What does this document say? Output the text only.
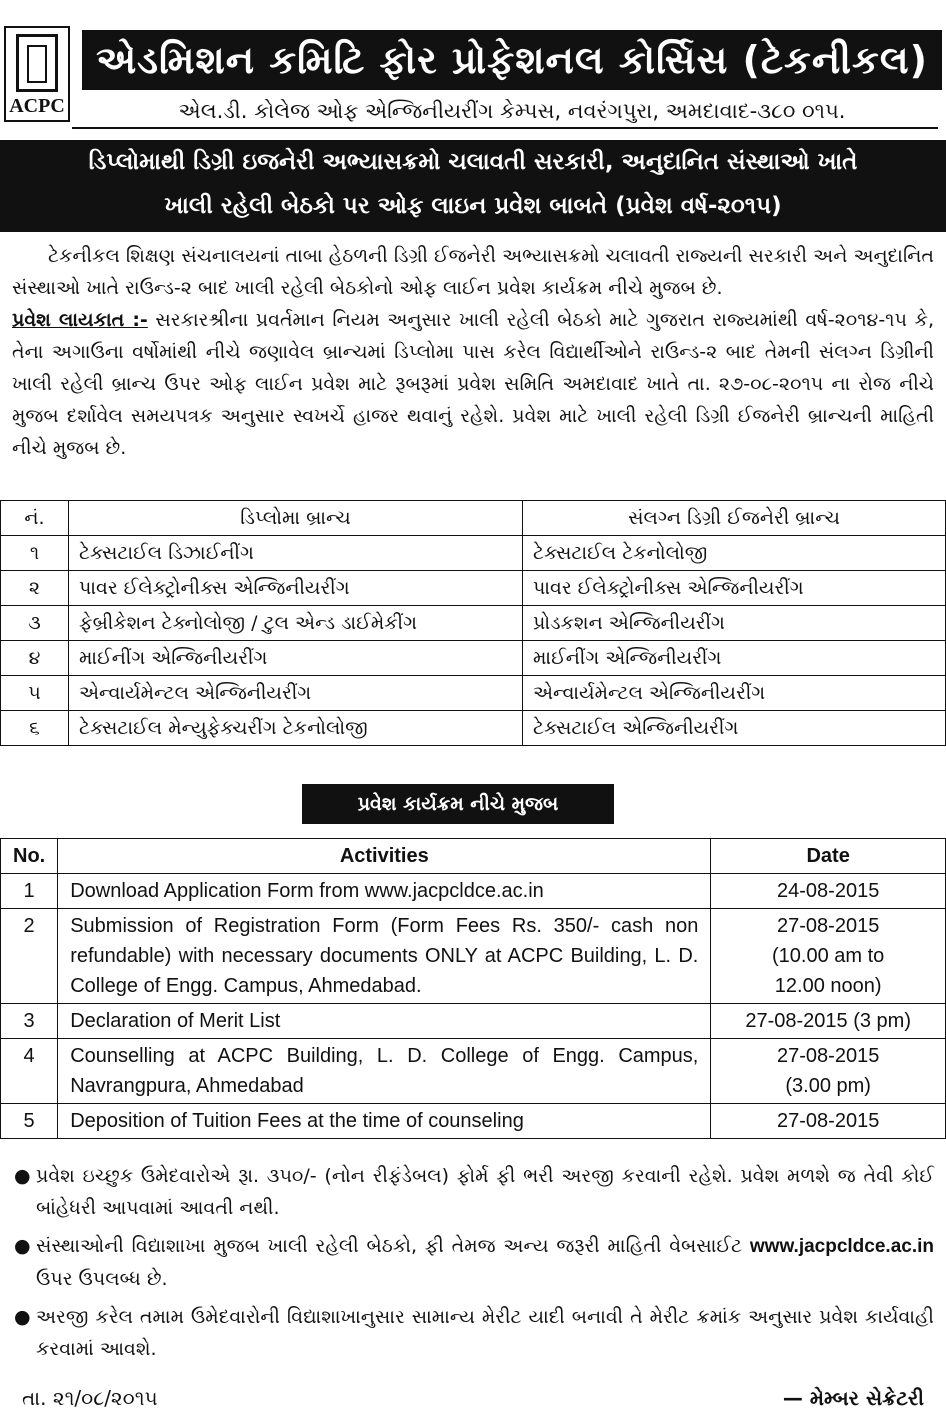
ACPC
એડમિશન કમિટિ ફોર પ્રોફેશનલ કોર્સિસ (ટેકનીકલ)
એલ.ડી. કોલેજ ઓફ એન્જિનીયરીંગ કેમ્પસ, નવરંગપુરા, અમદાવાદ-૩૮૦ ૦૧૫.
ડિપ્લોમાથી ડિગ્રી ઇજનેરી અભ્યાસક્રમો ચલાવતી સરકારી, અનુદાનિત સંસ્થાઓ ખાતે
ખાલી રહેલી બેઠકો પર ઓફ લાઇન પ્રવેશ બાબતે (પ્રવેશ વર્ષ-૨૦૧૫)
ટેકનીકલ શિક્ષણ સંચનાલયનાં તાબા હેઠળની ડિગ્રી ઈજનેરી અભ્યાસક્રમો ચલાવતી રાજ્યની સરકારી અને અનુદાનિત સંસ્થાઓ ખાતે રાઉન્ડ-૨ બાદ ખાલી રહેલી બેઠકોનો ઓફ લાઈન પ્રવેશ કાર્યક્રમ નીચે મુજબ છે.
પ્રવેશ લાયકાત :- સરકારશ્રીના પ્રવર્તમાન નિયમ અનુસાર ખાલી રહેલી બેઠકો માટે ગુજરાત રાજ્યમાંથી વર્ષ-૨૦૧૪-૧૫ કે, તેના અગાઉના વર્ષોમાંથી નીચે જણાવેલ બ્રાન્ચમાં ડિપ્લોમા પાસ કરેલ વિદ્યાર્થીઓને રાઉન્ડ-૨ બાદ તેમની સંલગ્ન ડિગ્રીની ખાલી રહેલી બ્રાન્ચ ઉપર ઓફ લાઈન પ્રવેશ માટે રૂબરૂમાં પ્રવેશ સમિતિ અમદાવાદ ખાતે તા. ૨૭-૦૮-૨૦૧૫ ના રોજ નીચે મુજબ દર્શાવેલ સમયપત્રક અનુસાર સ્વખર્ચે હાજર થવાનું રહેશે. પ્રવેશ માટે ખાલી રહેલી ડિગ્રી ઈજનેરી બ્રાન્ચની માહિતી નીચે મુજબ છે.
નં.	ડિપ્લોમા બ્રાન્ચ	સંલગ્ન ડિગ્રી ઈજનેરી બ્રાન્ચ
૧	ટેક્સટાઈલ ડિઝાઈનીંગ	ટેક્સટાઈલ ટેકનોલોજી
૨	પાવર ઈલેક્ટ્રોનીક્સ એન્જિનીયરીંગ	પાવર ઈલેક્ટ્રોનીક્સ એન્જિનીયરીંગ
૩	ફેબ્રીકેશન ટેક્નોલોજી / ટુલ એન્ડ ડાઈમેકીંગ	પ્રોડકશન એન્જિનીયરીંગ
૪	માઈનીંગ એન્જિનીયરીંગ	માઈનીંગ એન્જિનીયરીંગ
૫	એન્વાર્યમેન્ટલ એન્જિનીયરીંગ	એન્વાર્યમેન્ટલ એન્જિનીયરીંગ
૬	ટેક્સટાઈલ મેન્યુફેક્ચરીંગ ટેકનોલોજી	ટેક્સટાઈલ એન્જિનીયરીંગ
પ્રવેશ કાર્યક્રમ નીચે મુજબ
No.	Activities	Date
1	Download Application Form from www.jacpcldce.ac.in	24-08-2015
2	Submission of Registration Form (Form Fees Rs. 350/- cash non refundable) with necessary documents ONLY at ACPC Building, L. D. College of Engg. Campus, Ahmedabad.	27-08-2015 (10.00 am to 12.00 noon)
3	Declaration of Merit List	27-08-2015 (3 pm)
4	Counselling at ACPC Building, L. D. College of Engg. Campus, Navrangpura, Ahmedabad	27-08-2015 (3.00 pm)
5	Deposition of Tuition Fees at the time of counseling	27-08-2015
● પ્રવેશ ઇચ્છુક ઉમેદવારોએ રૂા. ૩૫૦/- (નોન રીફંડેબલ) ફોર્મ ફી ભરી અરજી કરવાની રહેશે. પ્રવેશ મળશે જ તેવી કોઈ બાંહેધરી આપવામાં આવતી નથી.
● સંસ્થાઓની વિદ્યાશાખા મુજબ ખાલી રહેલી બેઠકો, ફી તેમજ અન્ય જરૂરી માહિતી વેબસાઈટ www.jacpcldce.ac.in ઉપર ઉપલબ્ધ છે.
● અરજી કરેલ તમામ ઉમેદવારોની વિદ્યાશાખાનુસાર સામાન્ય મેરીટ યાદી બનાવી તે મેરીટ ક્રમાંક અનુસાર પ્રવેશ કાર્યવાહી કરવામાં આવશે.
તા. ૨૧/૦૮/૨૦૧૫	— મેમ્બર સેક્રેટરી
